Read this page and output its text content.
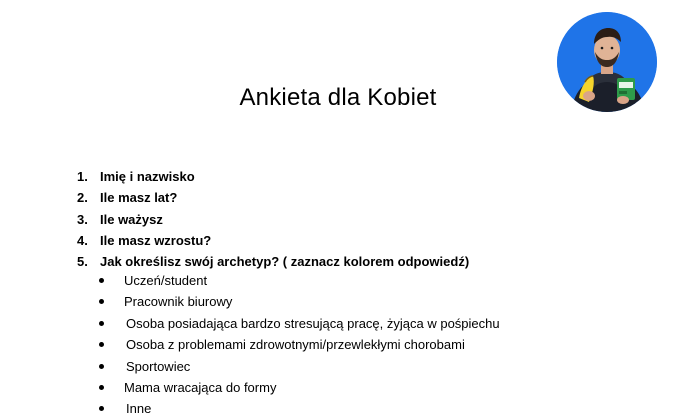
Ankieta dla Kobiet
1. Imię i nazwisko
2. Ile masz lat?
3. Ile ważysz
4. Ile masz wzrostu?
5. Jak określisz swój archetyp? ( zaznacz kolorem odpowiedź)
Uczeń/student
Pracownik biurowy
Osoba posiadająca bardzo stresującą pracę, żyjąca w pośpiechu
Osoba z problemami zdrowotnymi/przewlekłymi chorobami
Sportowiec
Mama wracająca do formy
Inne
